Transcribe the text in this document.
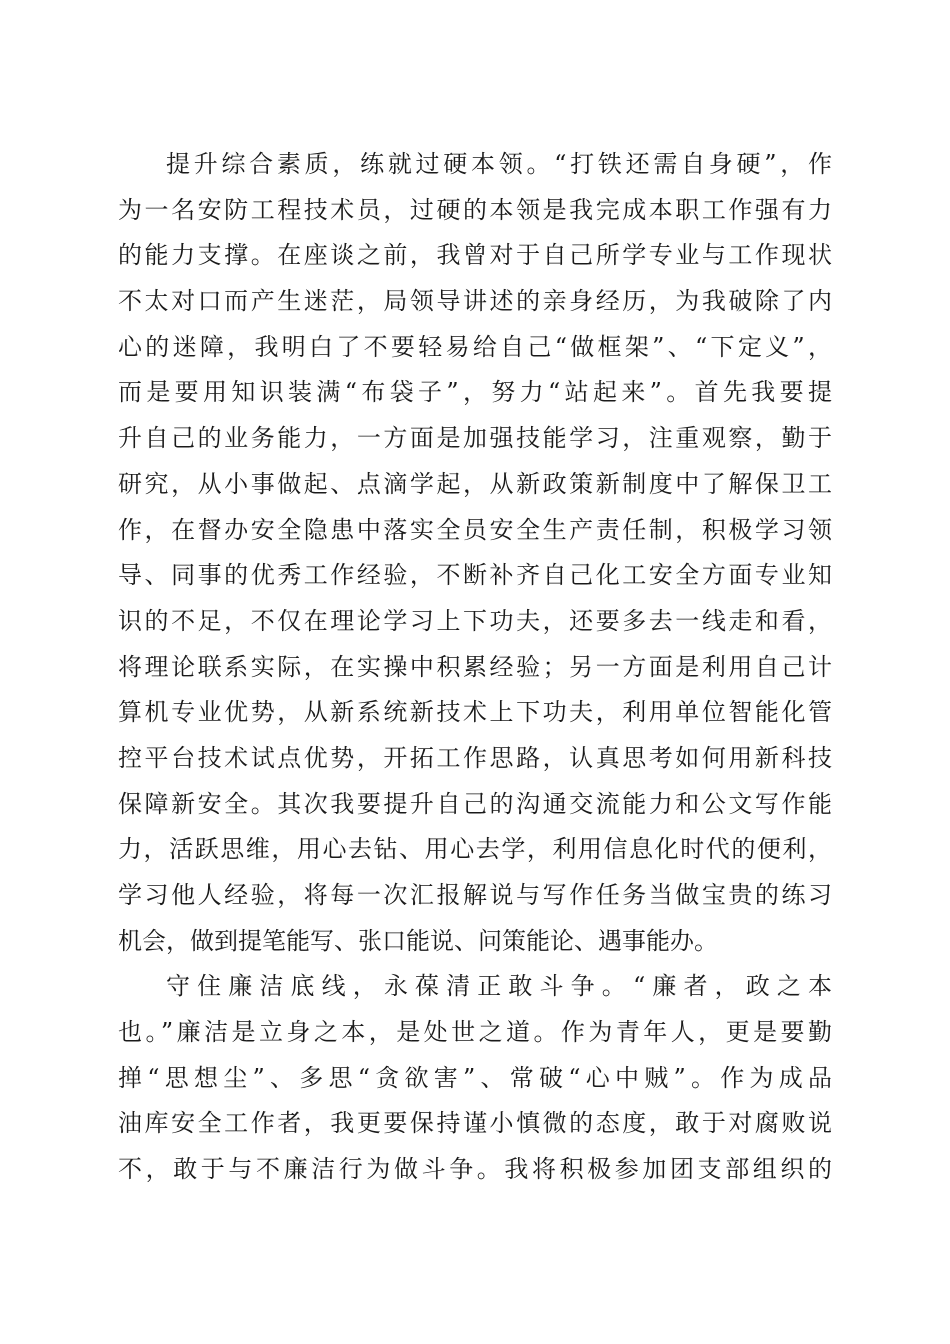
提升综合素质，练就过硬本领。“打铁还需自身硬”，作
为一名安防工程技术员，过硬的本领是我完成本职工作强有力
的能力支撑。在座谈之前，我曾对于自己所学专业与工作现状
不太对口而产生迷茫，局领导讲述的亲身经历，为我破除了内
心的迷障，我明白了不要轻易给自己“做框架”、“下定义”，
而是要用知识装满“布袋子”，努力“站起来”。首先我要提
升自己的业务能力，一方面是加强技能学习，注重观察，勤于
研究，从小事做起、点滴学起，从新政策新制度中了解保卫工
作，在督办安全隐患中落实全员安全生产责任制，积极学习领
导、同事的优秀工作经验，不断补齐自己化工安全方面专业知
识的不足，不仅在理论学习上下功夫，还要多去一线走和看，
将理论联系实际，在实操中积累经验；另一方面是利用自己计
算机专业优势，从新系统新技术上下功夫，利用单位智能化管
控平台技术试点优势，开拓工作思路，认真思考如何用新科技
保障新安全。其次我要提升自己的沟通交流能力和公文写作能
力，活跃思维，用心去钻、用心去学，利用信息化时代的便利，
学习他人经验，将每一次汇报解说与写作任务当做宝贵的练习
机会，做到提笔能写、张口能说、问策能论、遇事能办。
守住廉洁底线，永葆清正敢斗争。“廉者，政之本
也。”廉洁是立身之本，是处世之道。作为青年人，更是要勤
掸“思想尘”、多思“贪欲害”、常破“心中贼”。作为成品
油库安全工作者，我更要保持谨小慎微的态度，敢于对腐败说
不，敢于与不廉洁行为做斗争。我将积极参加团支部组织的
